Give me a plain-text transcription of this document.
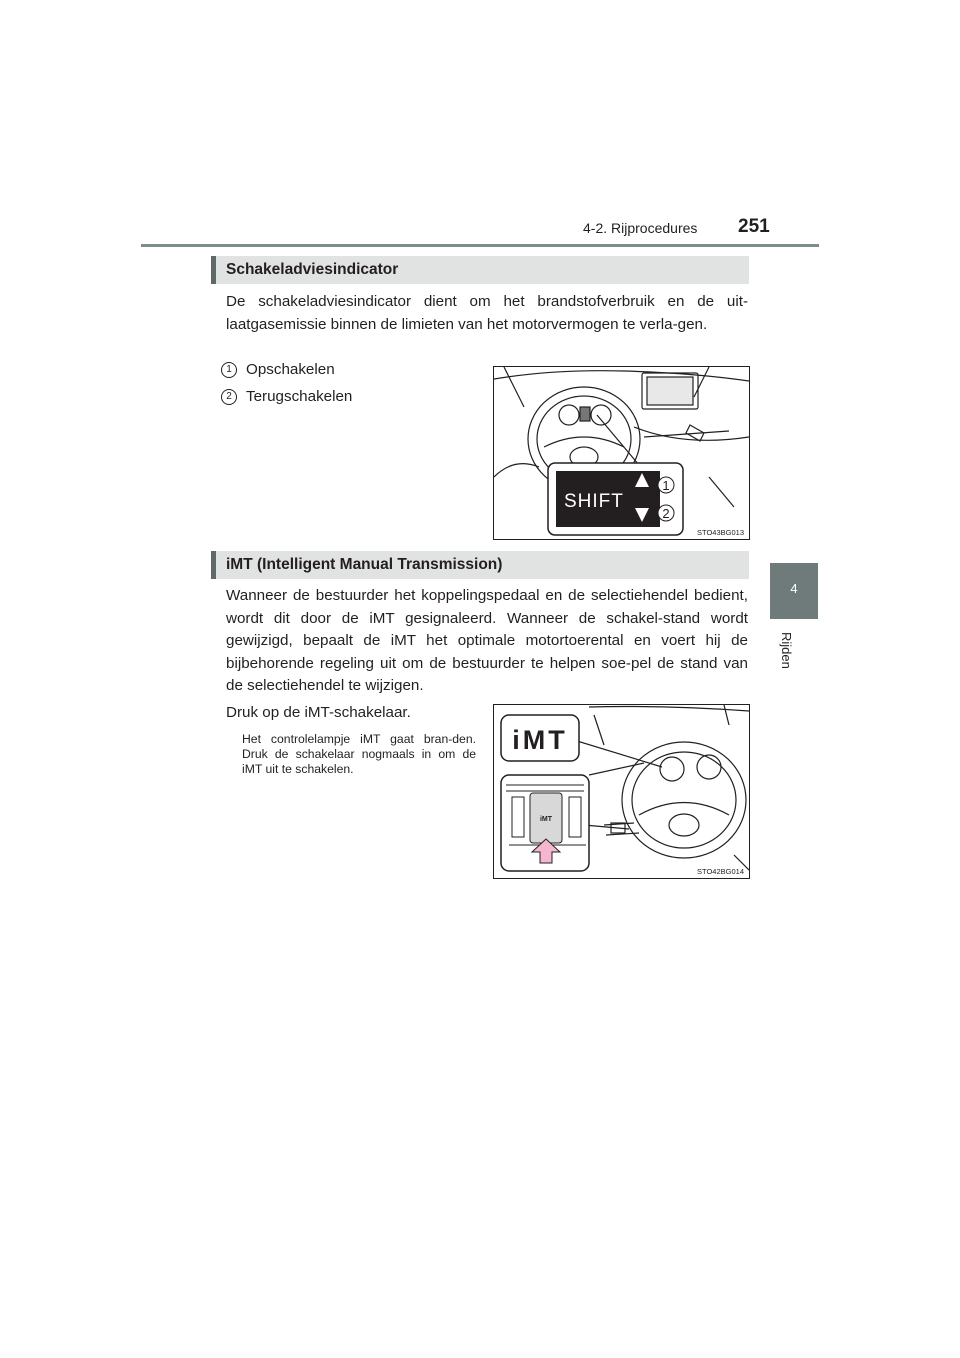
4-2. Rijprocedures 251
4
Rijden
Schakeladviesindicator
De schakeladviesindicator dient om het brandstofverbruik en de uit-laatgasemissie binnen de limieten van het motorvermogen te verla-gen.
1 Opschakelen
2 Terugschakelen
SHIFT
1
2
STO43BG013
iMT (Intelligent Manual Transmission)
Wanneer de bestuurder het koppelingspedaal en de selectiehendel bedient, wordt dit door de iMT gesignaleerd. Wanneer de schakel-stand wordt gewijzigd, bepaalt de iMT het optimale motortoerental en voert hij de bijbehorende regeling uit om de bestuurder te helpen soe-pel de stand van de selectiehendel te wijzigen.
Druk op de iMT-schakelaar.
Het controlelampje iMT gaat bran-den. Druk de schakelaar nogmaals in om de iMT uit te schakelen.
iMT
iMT
STO42BG014
